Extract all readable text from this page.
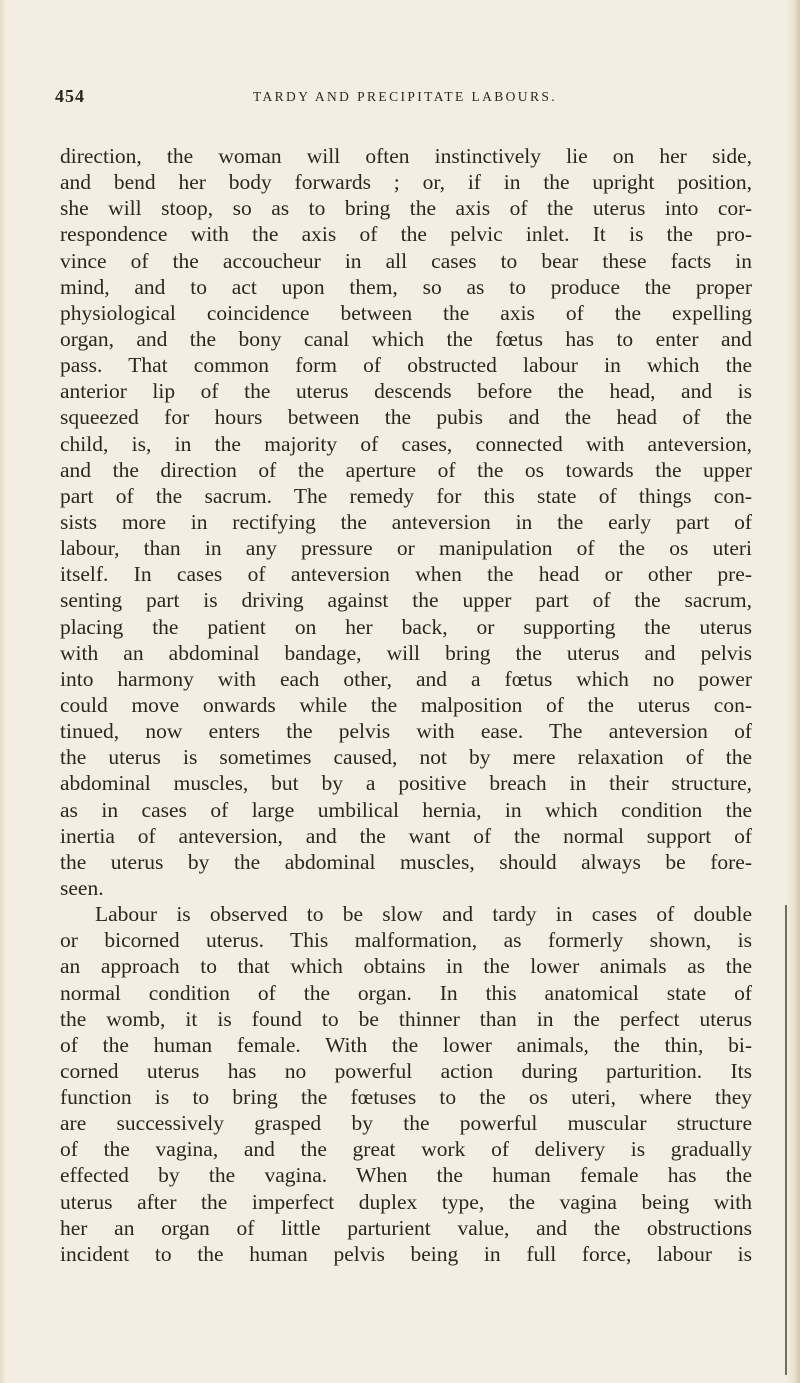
454	TARDY AND PRECIPITATE LABOURS.
direction, the woman will often instinctively lie on her side,
and bend her body forwards ; or, if in the upright position,
she will stoop, so as to bring the axis of the uterus into cor-
respondence with the axis of the pelvic inlet. It is the pro-
vince of the accoucheur in all cases to bear these facts in
mind, and to act upon them, so as to produce the proper
physiological coincidence between the axis of the expelling
organ, and the bony canal which the fœtus has to enter and
pass. That common form of obstructed labour in which the
anterior lip of the uterus descends before the head, and is
squeezed for hours between the pubis and the head of the
child, is, in the majority of cases, connected with anteversion,
and the direction of the aperture of the os towards the upper
part of the sacrum. The remedy for this state of things con-
sists more in rectifying the anteversion in the early part of
labour, than in any pressure or manipulation of the os uteri
itself. In cases of anteversion when the head or other pre-
senting part is driving against the upper part of the sacrum,
placing the patient on her back, or supporting the uterus
with an abdominal bandage, will bring the uterus and pelvis
into harmony with each other, and a fœtus which no power
could move onwards while the malposition of the uterus con-
tinued, now enters the pelvis with ease. The anteversion of
the uterus is sometimes caused, not by mere relaxation of the
abdominal muscles, but by a positive breach in their structure,
as in cases of large umbilical hernia, in which condition the
inertia of anteversion, and the want of the normal support of
the uterus by the abdominal muscles, should always be fore-
seen.
Labour is observed to be slow and tardy in cases of double
or bicorned uterus. This malformation, as formerly shown, is
an approach to that which obtains in the lower animals as the
normal condition of the organ. In this anatomical state of
the womb, it is found to be thinner than in the perfect uterus
of the human female. With the lower animals, the thin, bi-
corned uterus has no powerful action during parturition. Its
function is to bring the fœtuses to the os uteri, where they
are successively grasped by the powerful muscular structure
of the vagina, and the great work of delivery is gradually
effected by the vagina. When the human female has the
uterus after the imperfect duplex type, the vagina being with
her an organ of little parturient value, and the obstructions
incident to the human pelvis being in full force, labour is
